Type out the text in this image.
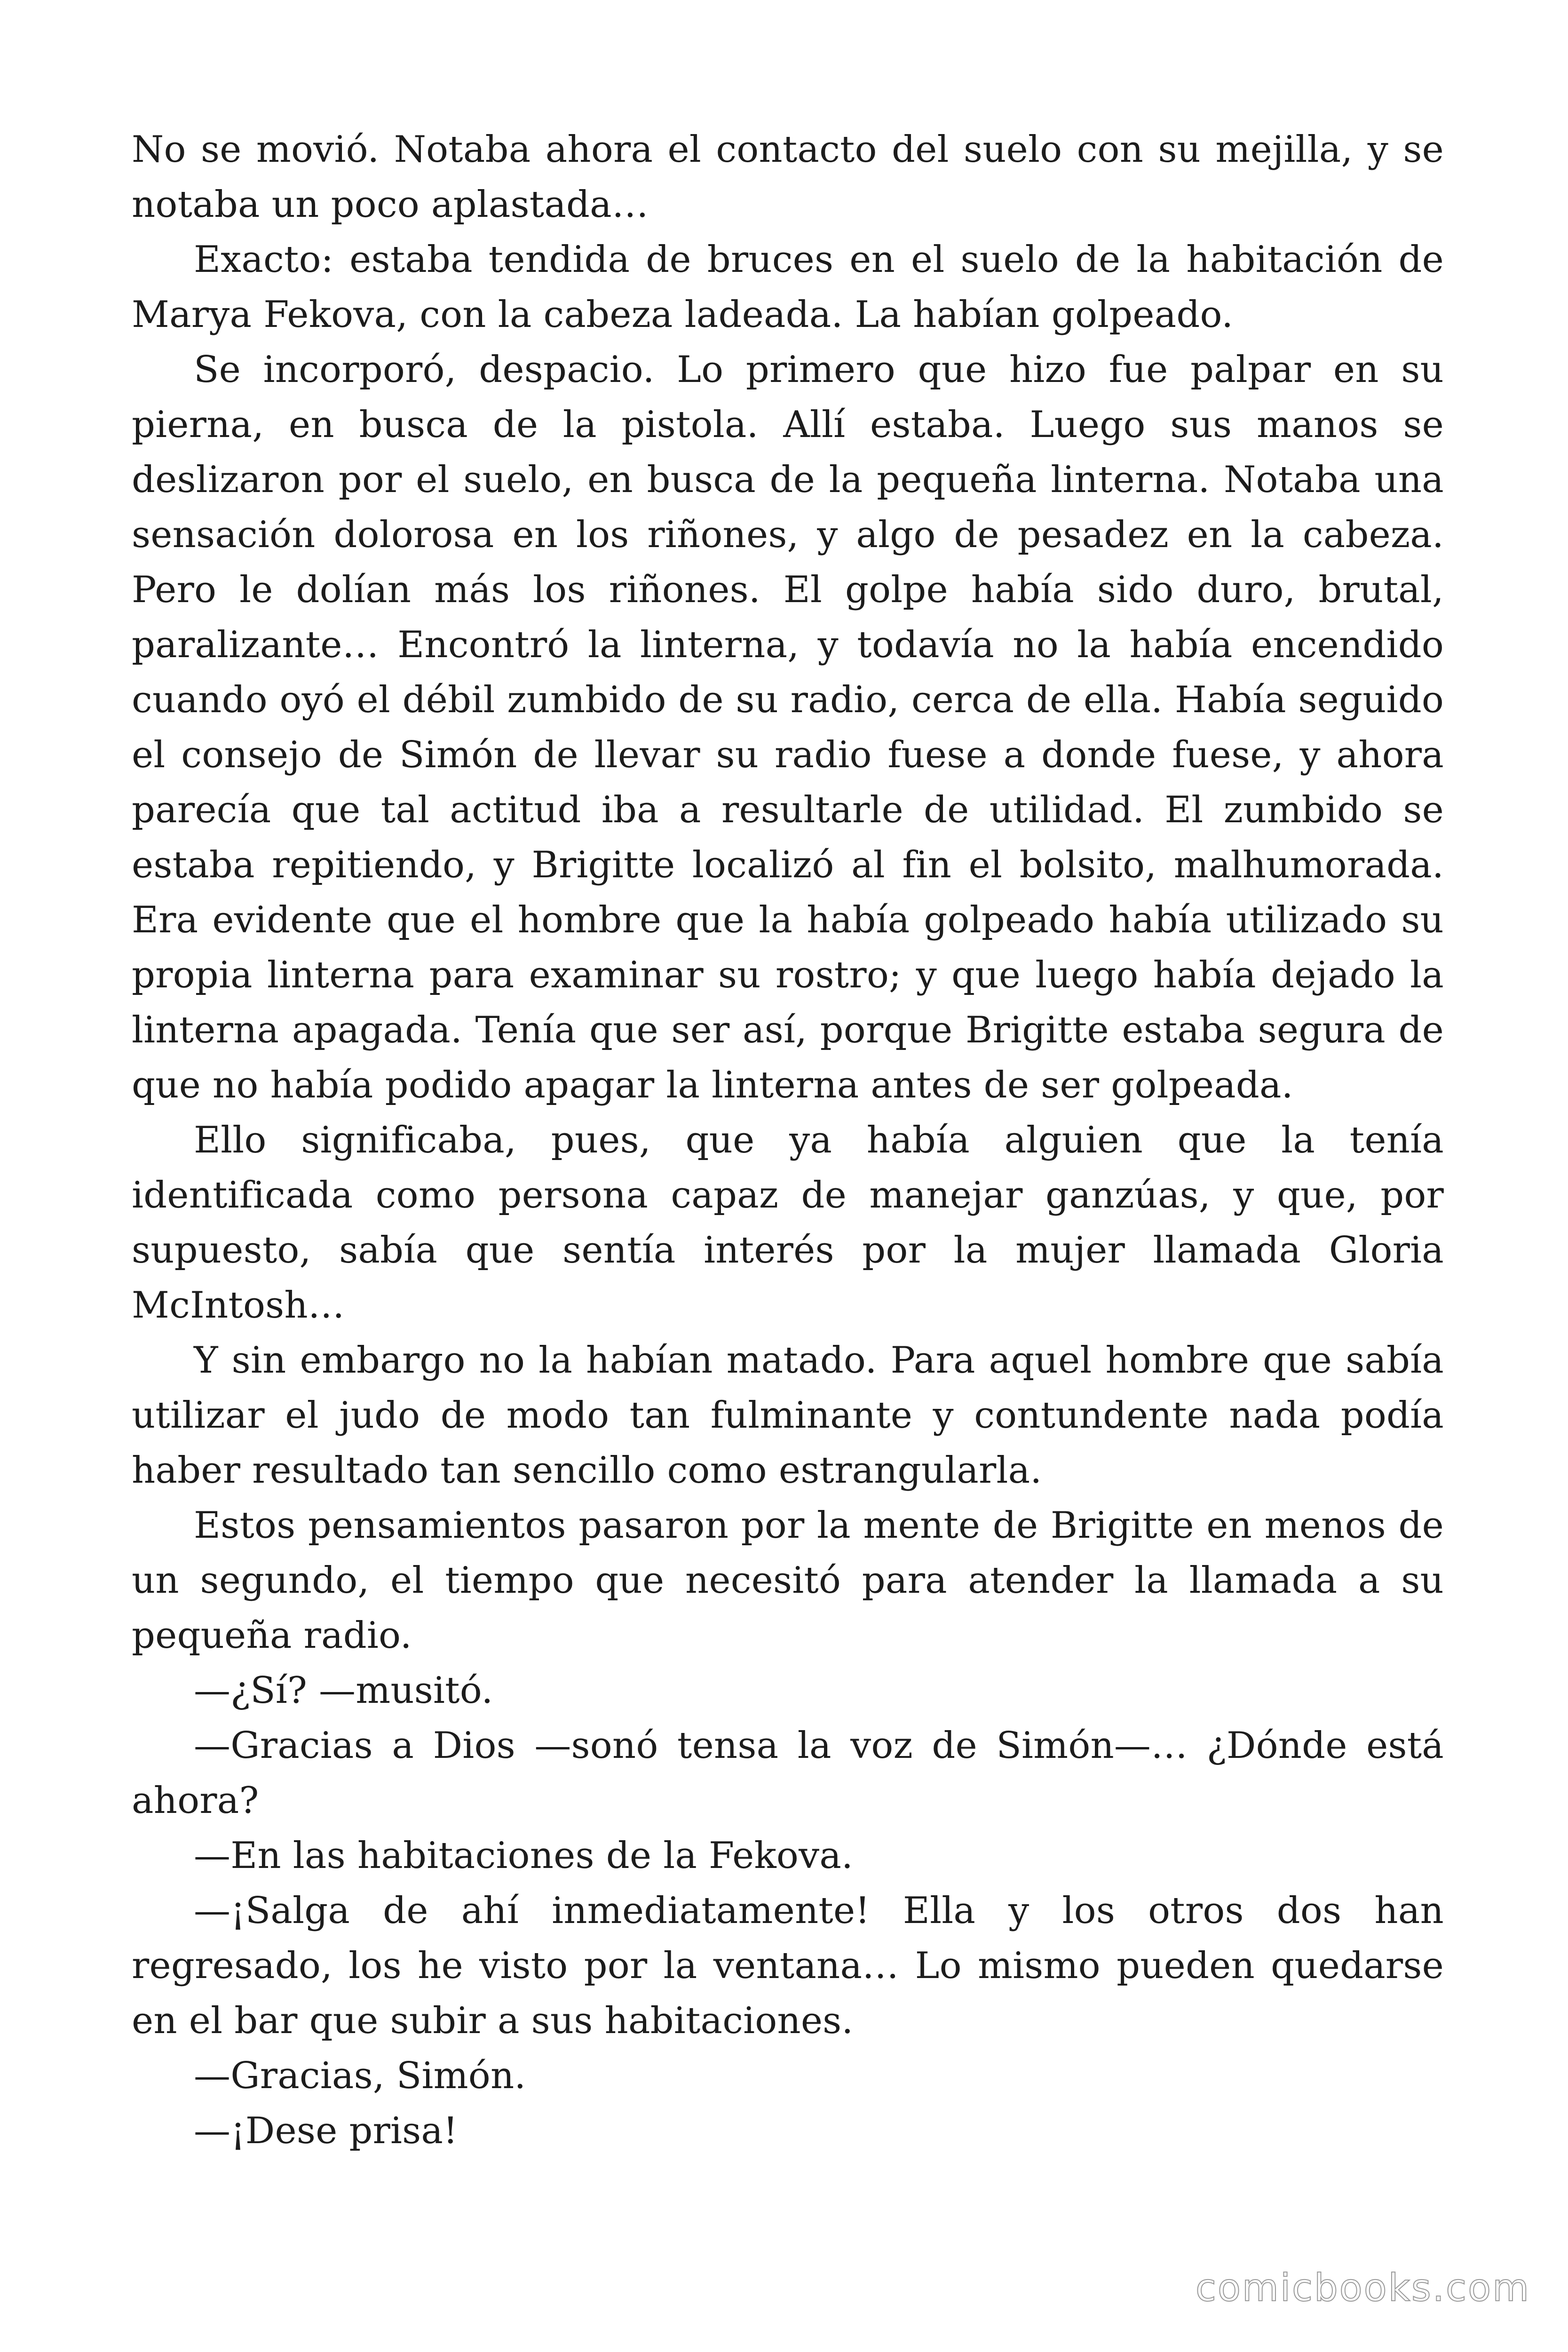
No se movió. Notaba ahora el contacto del suelo con su mejilla, y se notaba un poco aplastada…

Exacto: estaba tendida de bruces en el suelo de la habitación de Marya Fekova, con la cabeza ladeada. La habían golpeado.

Se incorporó, despacio. Lo primero que hizo fue palpar en su pierna, en busca de la pistola. Allí estaba. Luego sus manos se deslizaron por el suelo, en busca de la pequeña linterna. Notaba una sensación dolorosa en los riñones, y algo de pesadez en la cabeza. Pero le dolían más los riñones. El golpe había sido duro, brutal, paralizante… Encontró la linterna, y todavía no la había encendido cuando oyó el débil zumbido de su radio, cerca de ella. Había seguido el consejo de Simón de llevar su radio fuese a donde fuese, y ahora parecía que tal actitud iba a resultarle de utilidad. El zumbido se estaba repitiendo, y Brigitte localizó al fin el bolsito, malhumorada. Era evidente que el hombre que la había golpeado había utilizado su propia linterna para examinar su rostro; y que luego había dejado la linterna apagada. Tenía que ser así, porque Brigitte estaba segura de que no había podido apagar la linterna antes de ser golpeada.

Ello significaba, pues, que ya había alguien que la tenía identificada como persona capaz de manejar ganzúas, y que, por supuesto, sabía que sentía interés por la mujer llamada Gloria McIntosh…

Y sin embargo no la habían matado. Para aquel hombre que sabía utilizar el judo de modo tan fulminante y contundente nada podía haber resultado tan sencillo como estrangularla.

Estos pensamientos pasaron por la mente de Brigitte en menos de un segundo, el tiempo que necesitó para atender la llamada a su pequeña radio.

—¿Sí? —musitó.

—Gracias a Dios —sonó tensa la voz de Simón—… ¿Dónde está ahora?

—En las habitaciones de la Fekova.

—¡Salga de ahí inmediatamente! Ella y los otros dos han regresado, los he visto por la ventana… Lo mismo pueden quedarse en el bar que subir a sus habitaciones.

—Gracias, Simón.

—¡Dese prisa!

comicbooks.com
